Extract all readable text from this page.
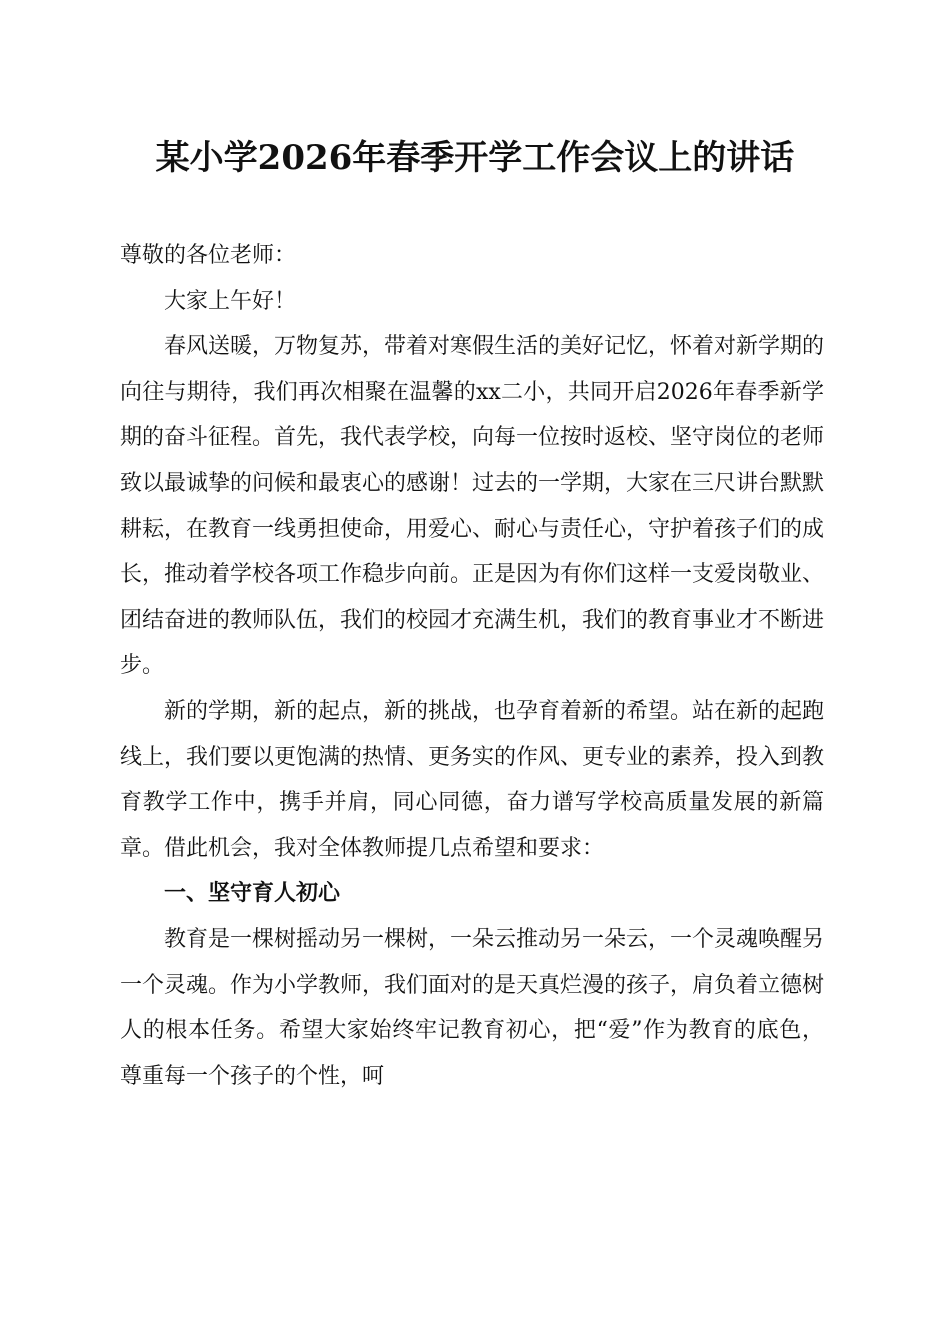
某小学2026年春季开学工作会议上的讲话

尊敬的各位老师：

大家上午好！

春风送暖，万物复苏，带着对寒假生活的美好记忆，怀着对新学期的向往与期待，我们再次相聚在温馨的xx二小，共同开启2026年春季新学期的奋斗征程。首先，我代表学校，向每一位按时返校、坚守岗位的老师致以最诚挚的问候和最衷心的感谢！过去的一学期，大家在三尺讲台默默耕耘，在教育一线勇担使命，用爱心、耐心与责任心，守护着孩子们的成长，推动着学校各项工作稳步向前。正是因为有你们这样一支爱岗敬业、团结奋进的教师队伍，我们的校园才充满生机，我们的教育事业才不断进步。

新的学期，新的起点，新的挑战，也孕育着新的希望。站在新的起跑线上，我们要以更饱满的热情、更务实的作风、更专业的素养，投入到教育教学工作中，携手并肩，同心同德，奋力谱写学校高质量发展的新篇章。借此机会，我对全体教师提几点希望和要求：

一、坚守育人初心

教育是一棵树摇动另一棵树，一朵云推动另一朵云，一个灵魂唤醒另一个灵魂。作为小学教师，我们面对的是天真烂漫的孩子，肩负着立德树人的根本任务。希望大家始终牢记教育初心，把“爱”作为教育的底色，尊重每一个孩子的个性，呵
